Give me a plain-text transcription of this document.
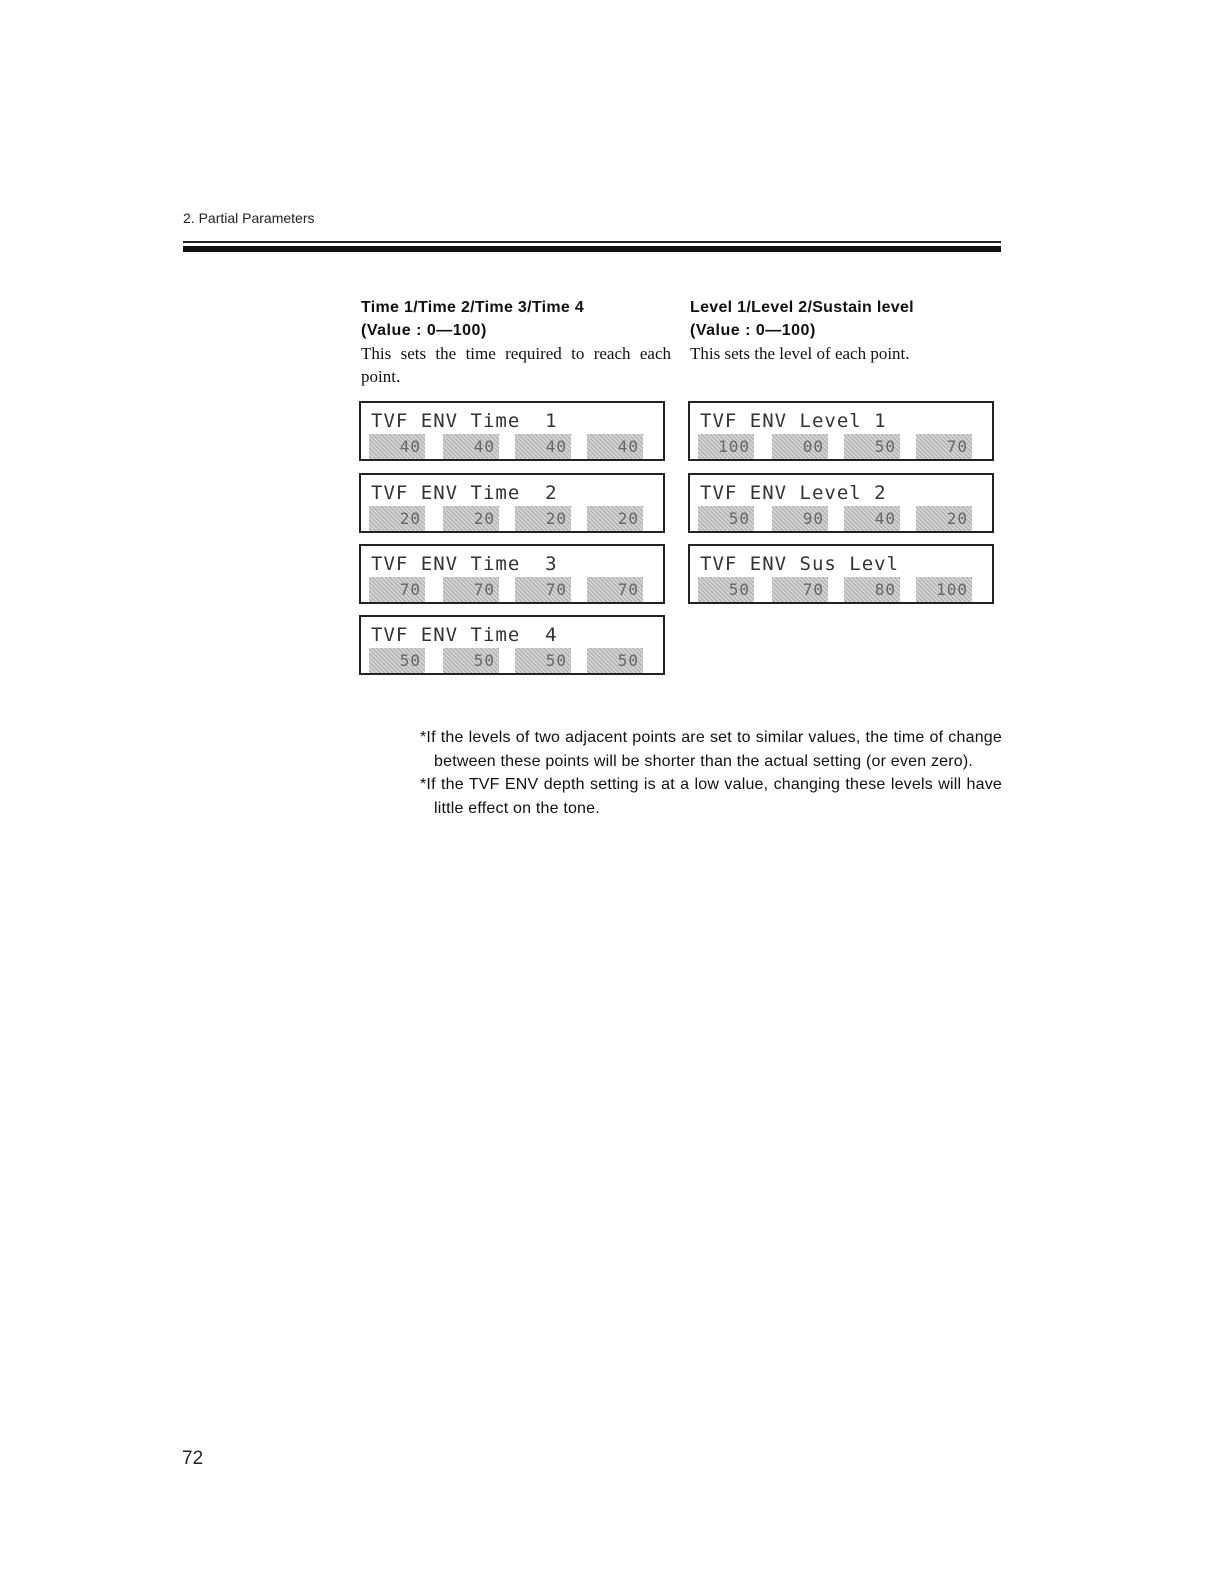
2. Partial Parameters
Time 1/Time 2/Time 3/Time 4
(Value : 0—100)
This sets the time required to reach each point.
Level 1/Level 2/Sustain level
(Value : 0—100)
This sets the level of each point.
TVF ENV Time  1
40	40	40	40
TVF ENV Time  2
20	20	20	20
TVF ENV Time  3
70	70	70	70
TVF ENV Time  4
50	50	50	50
TVF ENV Level 1
100	00	50	70
TVF ENV Level 2
50	90	40	20
TVF ENV Sus Levl
50	70	80	100
*If the levels of two adjacent points are set to similar values, the time of change between these points will be shorter than the actual setting (or even zero).
*If the TVF ENV depth setting is at a low value, changing these levels will have little effect on the tone.
72
